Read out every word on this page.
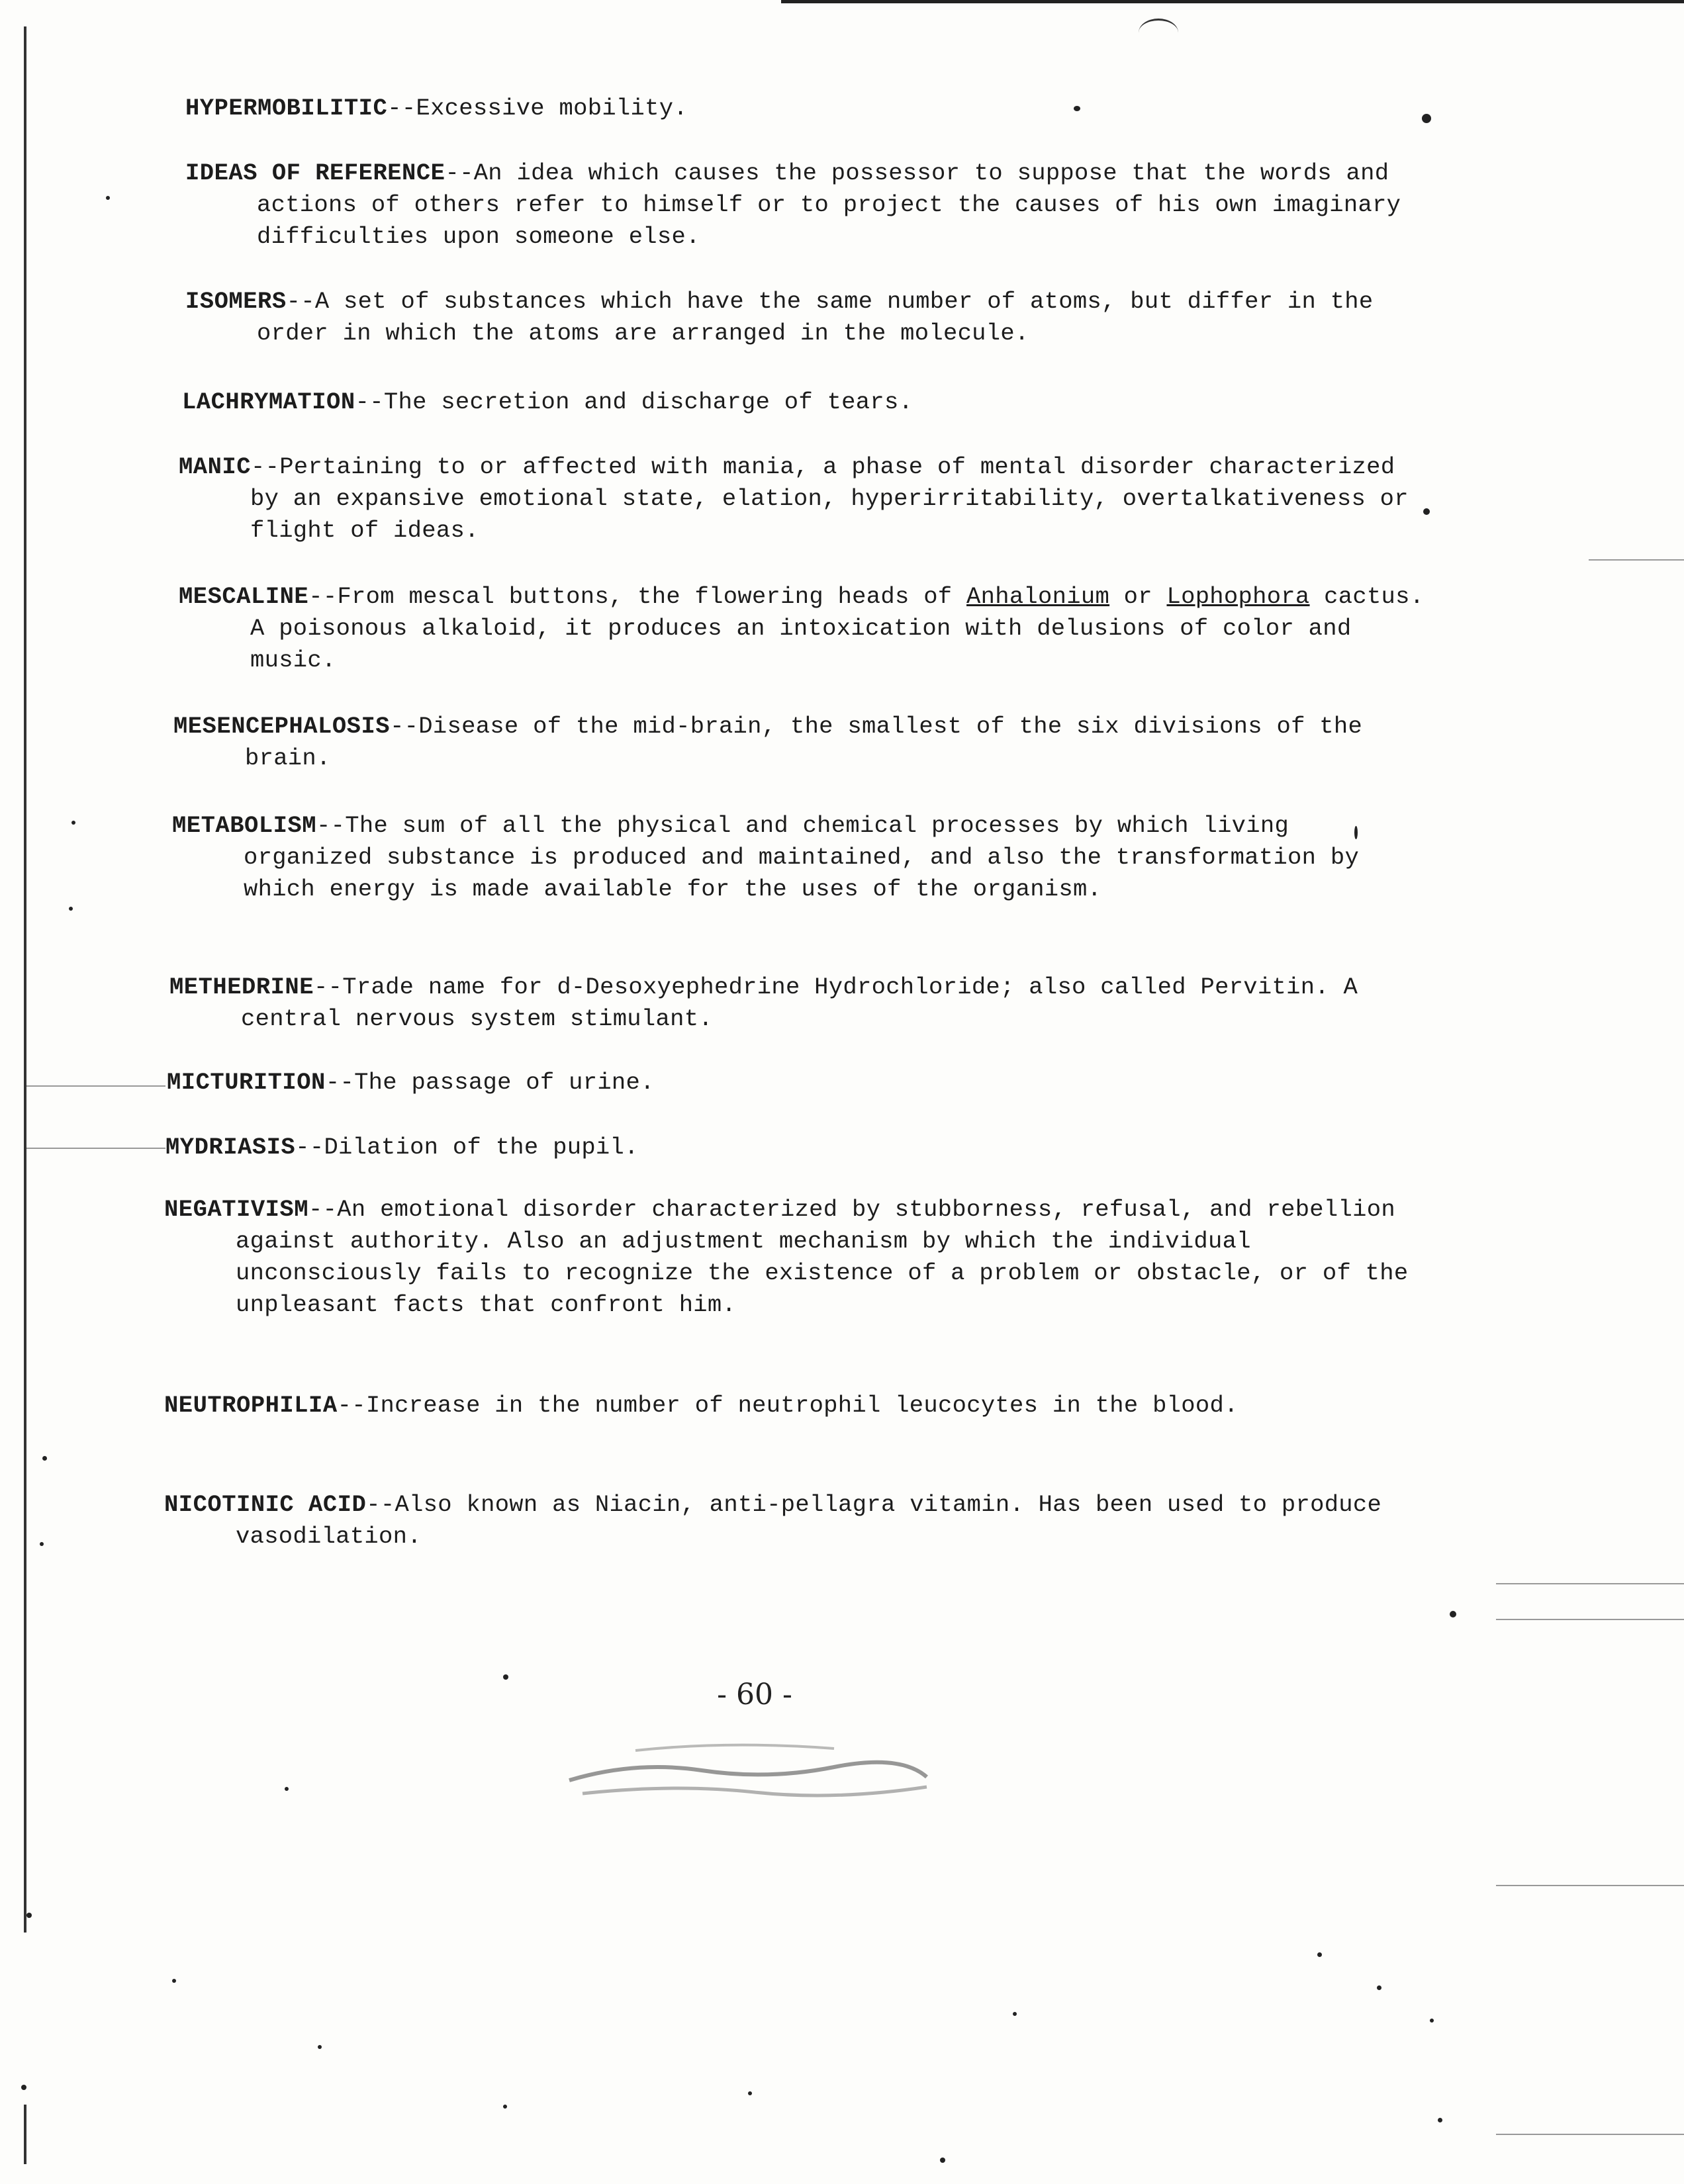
HYPERMOBILITIC--Excessive mobility.
IDEAS OF REFERENCE--An idea which causes the possessor to suppose that the words and actions of others refer to himself or to project the causes of his own imaginary difficulties upon someone else.
ISOMERS--A set of substances which have the same number of atoms, but differ in the order in which the atoms are arranged in the molecule.
LACHRYMATION--The secretion and discharge of tears.
MANIC--Pertaining to or affected with mania, a phase of mental disorder characterized by an expansive emotional state, elation, hyperirritability, overtalkativeness or flight of ideas.
MESCALINE--From mescal buttons, the flowering heads of Anhalonium or Lophophora cactus. A poisonous alkaloid, it produces an intoxication with delusions of color and music.
MESENCEPHALOSIS--Disease of the mid-brain, the smallest of the six divisions of the brain.
METABOLISM--The sum of all the physical and chemical processes by which living organized substance is produced and maintained, and also the transformation by which energy is made available for the uses of the organism.
METHEDRINE--Trade name for d-Desoxyephedrine Hydrochloride; also called Pervitin. A central nervous system stimulant.
MICTURITION--The passage of urine.
MYDRIASIS--Dilation of the pupil.
NEGATIVISM--An emotional disorder characterized by stubborness, refusal, and rebellion against authority. Also an adjustment mechanism by which the individual unconsciously fails to recognize the existence of a problem or obstacle, or of the unpleasant facts that confront him.
NEUTROPHILIA--Increase in the number of neutrophil leucocytes in the blood.
NICOTINIC ACID--Also known as Niacin, anti-pellagra vitamin. Has been used to produce vasodilation.
- 60 -
